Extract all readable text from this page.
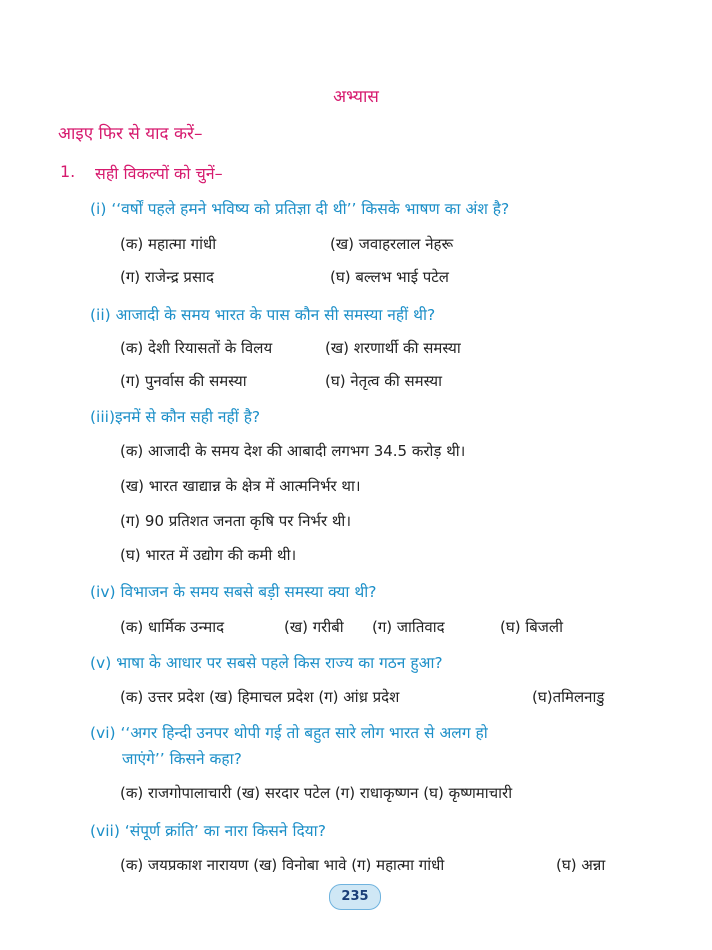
अभ्यास
आइए फिर से याद करें–
1. सही विकल्पों को चुनें–
(i) ‘‘वर्षों पहले हमने भविष्य को प्रतिज्ञा दी थी’’ किसके भाषण का अंश है?
(क) महात्मा गांधी	(ख) जवाहरलाल नेहरू
(ग) राजेन्द्र प्रसाद	(घ) बल्लभ भाई पटेल
(ii) आजादी के समय भारत के पास कौन सी समस्या नहीं थी?
(क) देशी रियासतों के विलय	(ख) शरणार्थी की समस्या
(ग) पुनर्वास की समस्या	(घ) नेतृत्व की समस्या
(iii)इनमें से कौन सही नहीं है?
(क) आजादी के समय देश की आबादी लगभग 34.5 करोड़ थी।
(ख) भारत खाद्यान्न के क्षेत्र में आत्मनिर्भर था।
(ग) 90 प्रतिशत जनता कृषि पर निर्भर थी।
(घ) भारत में उद्योग की कमी थी।
(iv) विभाजन के समय सबसे बड़ी समस्या क्या थी?
(क) धार्मिक उन्माद	(ख) गरीबी (ग) जातिवाद	(घ) बिजली
(v) भाषा के आधार पर सबसे पहले किस राज्य का गठन हुआ?
(क) उत्तर प्रदेश (ख) हिमाचल प्रदेश (ग) आंध्र प्रदेश	(घ)तमिलनाडु
(vi) ‘‘अगर हिन्दी उनपर थोपी गई तो बहुत सारे लोग भारत से अलग हो
जाएंगे’’ किसने कहा?
(क) राजगोपालाचारी (ख) सरदार पटेल (ग) राधाकृष्णन (घ) कृष्णमाचारी
(vii) ‘संपूर्ण क्रांति’ का नारा किसने दिया?
(क) जयप्रकाश नारायण (ख) विनोबा भावे (ग) महात्मा गांधी	(घ) अन्ना
235
